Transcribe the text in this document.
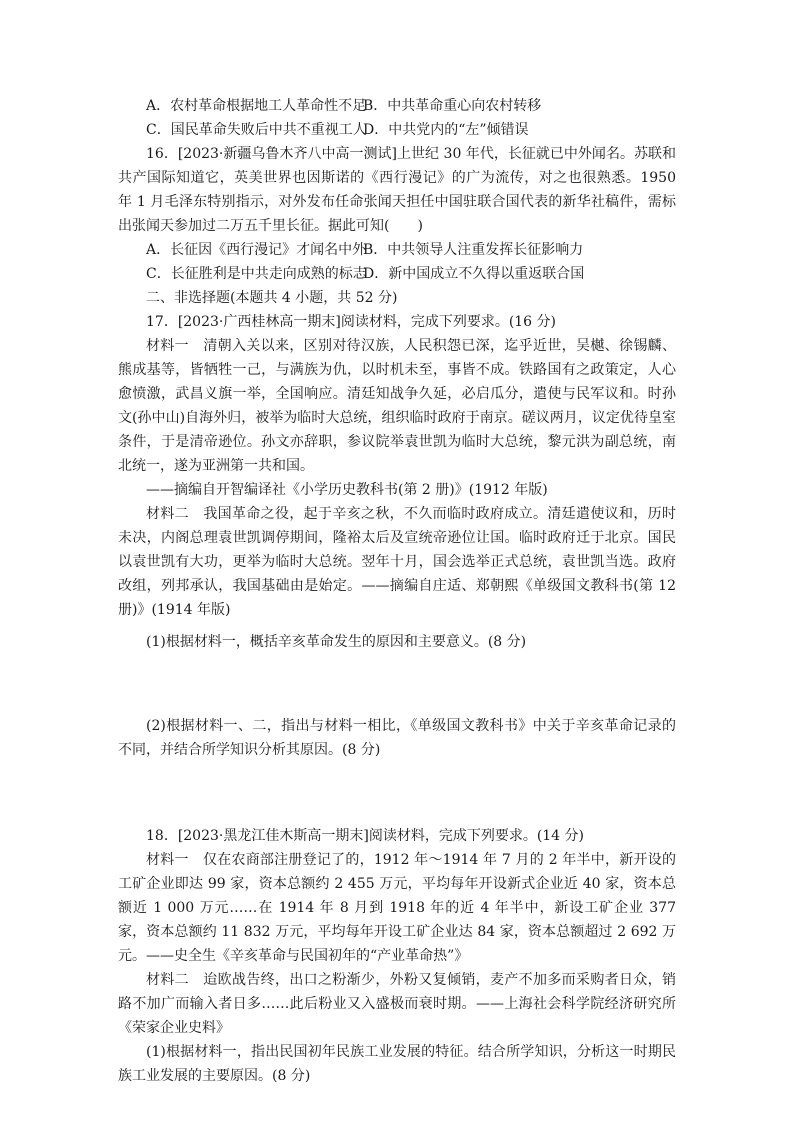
A．农村革命根据地工人革命性不足B．中共革命重心向农村转移
C．国民革命失败后中共不重视工人D．中共党内的“左”倾错误

16．[2023·新疆乌鲁木齐八中高一测试]上世纪 30 年代，长征就已中外闻名。苏联和共产国际知道它，英美世界也因斯诺的《西行漫记》的广为流传，对之也很熟悉。1950 年 1 月毛泽东特别指示，对外发布任命张闻天担任中国驻联合国代表的新华社稿件，需标出张闻天参加过二万五千里长征。据此可知(　　)

A．长征因《西行漫记》才闻名中外B．中共领导人注重发挥长征影响力
C．长征胜利是中共走向成熟的标志D．新中国成立不久得以重返联合国
二、非选择题(本题共 4 小题，共 52 分)
17．[2023·广西桂林高一期末]阅读材料，完成下列要求。(16 分)

材料一　清朝入关以来，区别对待汉族，人民积怨已深，迄乎近世，吴樾、徐锡麟、熊成基等，皆牺牲一己，与满族为仇，以时机未至，事皆不成。铁路国有之政策定，人心愈愤激，武昌义旗一举，全国响应。清廷知战争久延，必启瓜分，遣使与民军议和。时孙文(孙中山)自海外归，被举为临时大总统，组织临时政府于南京。磋议两月，议定优待皇室条件，于是清帝逊位。孙文亦辞职，参议院举袁世凯为临时大总统，黎元洪为副总统，南北统一，遂为亚洲第一共和国。

——摘编自开智编译社《小学历史教科书(第 2 册)》(1912 年版)

材料二　我国革命之役，起于辛亥之秋，不久而临时政府成立。清廷遣使议和，历时未决，内阁总理袁世凯调停期间，隆裕太后及宣统帝逊位让国。临时政府迁于北京。国民以袁世凯有大功，更举为临时大总统。翌年十月，国会选举正式总统，袁世凯当选。政府改组，列邦承认，我国基础由是始定。——摘编自庄适、郑朝熙《单级国文教科书(第 12 册)》(1914 年版)

(1)根据材料一，概括辛亥革命发生的原因和主要意义。(8 分)

(2)根据材料一、二，指出与材料一相比，《单级国文教科书》中关于辛亥革命记录的不同，并结合所学知识分析其原因。(8 分)

18．[2023·黑龙江佳木斯高一期末]阅读材料，完成下列要求。(14 分)

材料一　仅在农商部注册登记了的，1912 年～1914 年 7 月的 2 年半中，新开设的工矿企业即达 99 家，资本总额约 2 455 万元，平均每年开设新式企业近 40 家，资本总额近 1 000 万元……在 1914 年 8 月到 1918 年的近 4 年半中，新设工矿企业 377 家，资本总额约 11 832 万元，平均每年开设工矿企业达 84 家，资本总额超过 2 692 万元。——史全生《辛亥革命与民国初年的“产业革命热”》

材料二　迨欧战告终，出口之粉渐少，外粉又复倾销，麦产不加多而采购者日众，销路不加广而输入者日多……此后粉业又入盛极而衰时期。——上海社会科学院经济研究所《荣家企业史料》

(1)根据材料一，指出民国初年民族工业发展的特征。结合所学知识，分析这一时期民族工业发展的主要原因。(8 分)
